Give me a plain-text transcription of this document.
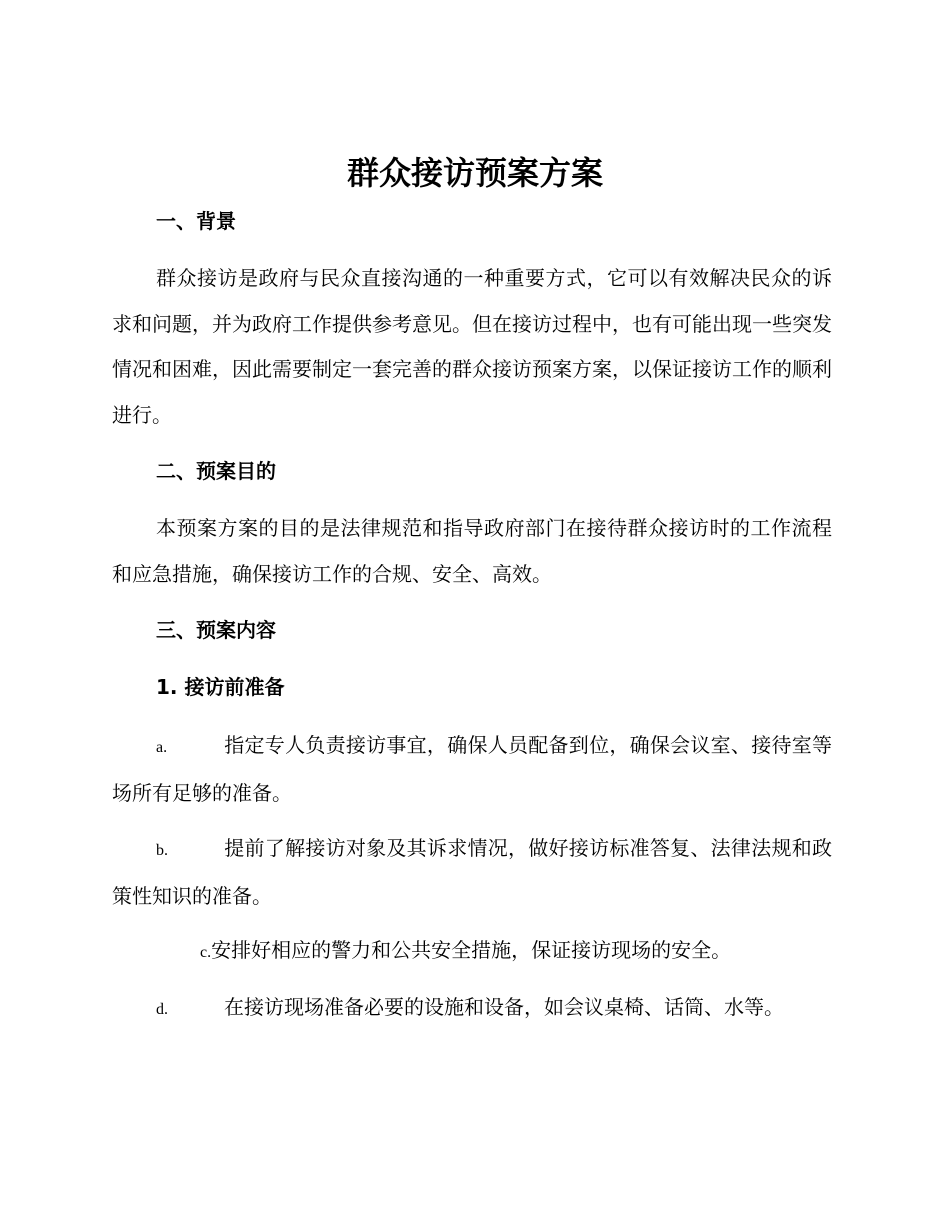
群众接访预案方案
一、背景
群众接访是政府与民众直接沟通的一种重要方式，它可以有效解决民众的诉求和问题，并为政府工作提供参考意见。但在接访过程中，也有可能出现一些突发情况和困难，因此需要制定一套完善的群众接访预案方案，以保证接访工作的顺利进行。
二、预案目的
本预案方案的目的是法律规范和指导政府部门在接待群众接访时的工作流程和应急措施，确保接访工作的合规、安全、高效。
三、预案内容
1. 接访前准备
a.	指定专人负责接访事宜，确保人员配备到位，确保会议室、接待室等场所有足够的准备。
b.	提前了解接访对象及其诉求情况，做好接访标准答复、法律法规和政策性知识的准备。
c.安排好相应的警力和公共安全措施，保证接访现场的安全。
d.	在接访现场准备必要的设施和设备，如会议桌椅、话筒、水等。
